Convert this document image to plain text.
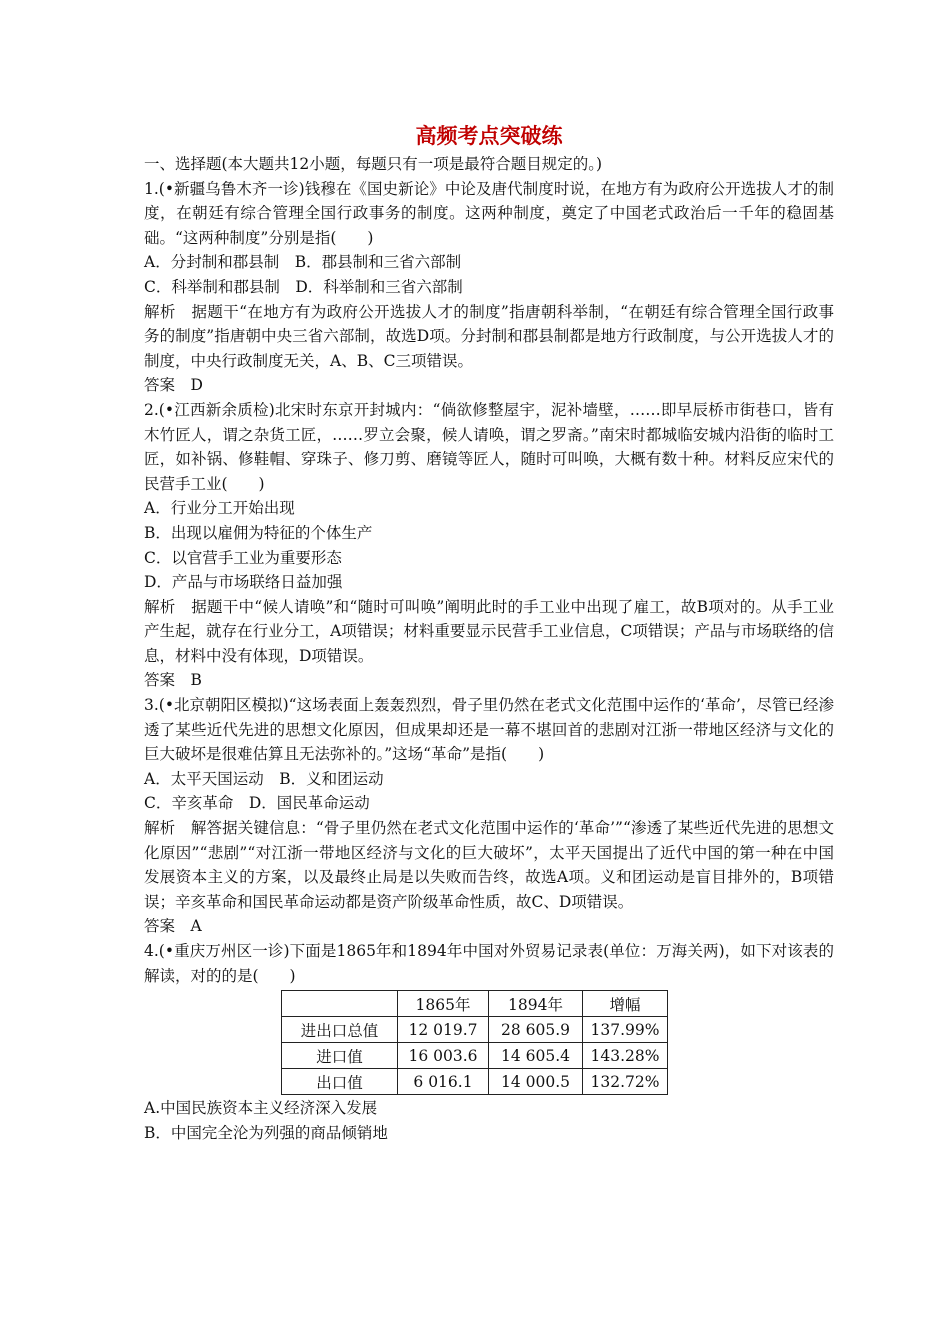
高频考点突破练

一、选择题(本大题共12小题，每题只有一项是最符合题目规定的。)

1.(•新疆乌鲁木齐一诊)钱穆在《国史新论》中论及唐代制度时说，在地方有为政府公开选拔人才的制度，在朝廷有综合管理全国行政事务的制度。这两种制度，奠定了中国老式政治后一千年的稳固基础。“这两种制度”分别是指(　　)

A．分封制和郡县制　B．郡县制和三省六部制

C．科举制和郡县制　D．科举制和三省六部制

解析　据题干“在地方有为政府公开选拔人才的制度”指唐朝科举制，“在朝廷有综合管理全国行政事务的制度”指唐朝中央三省六部制，故选D项。分封制和郡县制都是地方行政制度，与公开选拔人才的制度，中央行政制度无关，A、B、C三项错误。

答案　D

2.(•江西新余质检)北宋时东京开封城内：“倘欲修整屋宇，泥补墙壁，……即早辰桥市街巷口，皆有木竹匠人，谓之杂货工匠，……罗立会聚，候人请唤，谓之罗斋。”南宋时都城临安城内沿街的临时工匠，如补锅、修鞋帽、穿珠子、修刀剪、磨镜等匠人，随时可叫唤，大概有数十种。材料反应宋代的民营手工业(　　)

A．行业分工开始出现

B．出现以雇佣为特征的个体生产

C．以官营手工业为重要形态

D．产品与市场联络日益加强

解析　据题干中“候人请唤”和“随时可叫唤”阐明此时的手工业中出现了雇工，故B项对的。从手工业产生起，就存在行业分工，A项错误；材料重要显示民营手工业信息，C项错误；产品与市场联络的信息，材料中没有体现，D项错误。

答案　B

3.(•北京朝阳区模拟)“这场表面上轰轰烈烈，骨子里仍然在老式文化范围中运作的‘革命’，尽管已经渗透了某些近代先进的思想文化原因，但成果却还是一幕不堪回首的悲剧对江浙一带地区经济与文化的巨大破坏是很难估算且无法弥补的。”这场“革命”是指(　　)

A．太平天国运动　B．义和团运动

C．辛亥革命　D．国民革命运动

解析　解答据关键信息：“骨子里仍然在老式文化范围中运作的‘革命’”“渗透了某些近代先进的思想文化原因”“悲剧”“对江浙一带地区经济与文化的巨大破坏”，太平天国提出了近代中国的第一种在中国发展资本主义的方案，以及最终止局是以失败而告终，故选A项。义和团运动是盲目排外的，B项错误；辛亥革命和国民革命运动都是资产阶级革命性质，故C、D项错误。

答案　A

4.(•重庆万州区一诊)下面是1865年和1894年中国对外贸易记录表(单位：万海关两)，如下对该表的解读，对的的是(　　)

	1865年	1894年	增幅
进出口总值	12 019.7	28 605.9	137.99%
进口值	16 003.6	14 605.4	143.28%
出口值	6 016.1	14 000.5	132.72%

A.中国民族资本主义经济深入发展

B．中国完全沦为列强的商品倾销地
